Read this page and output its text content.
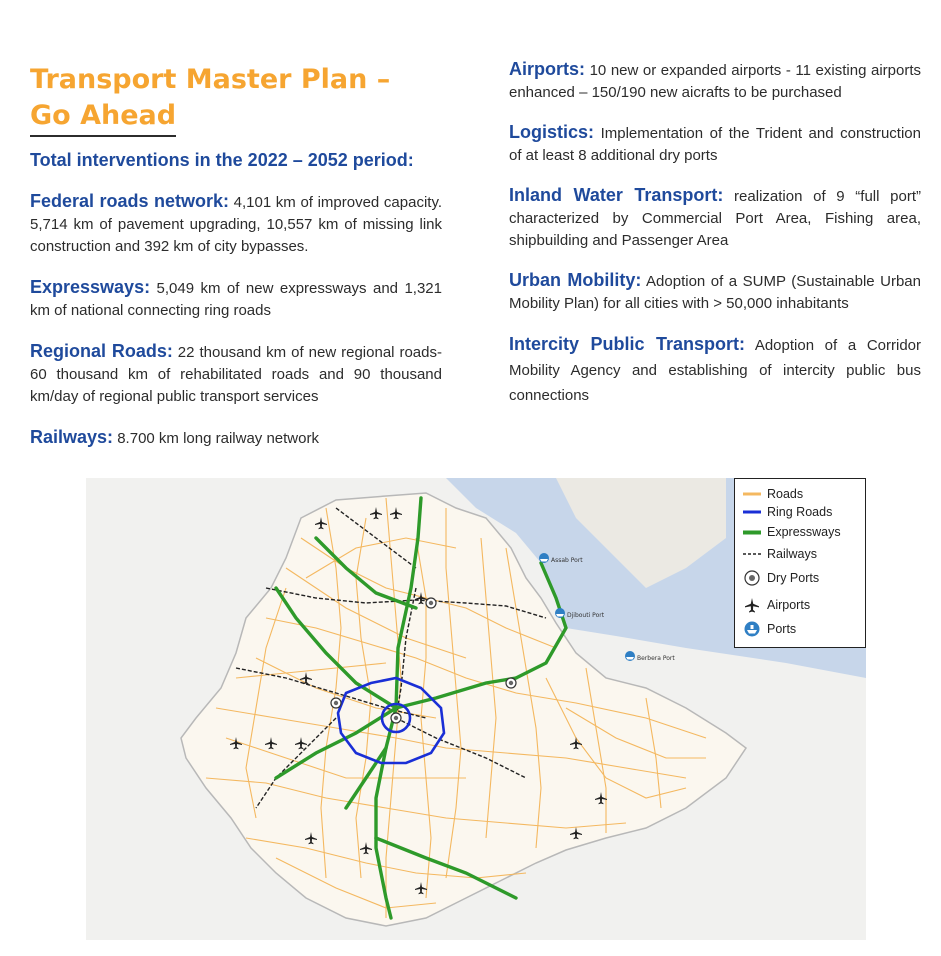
Transport Master Plan –
Go Ahead

Total interventions in the 2022 – 2052 period:

Federal roads network: 4,101 km of improved capacity. 5,714 km of pavement upgrading, 10,557 km of missing link construction and 392 km of city bypasses.

Expressways: 5,049 km of new expressways and 1,321 km of national connecting ring roads

Regional Roads: 22 thousand km of new regional roads- 60 thousand km of rehabilitated roads and 90 thousand km/day of regional public transport services

Railways: 8.700 km long railway network

Airports: 10 new or expanded airports - 11 existing airports enhanced – 150/190 new aicrafts to be purchased

Logistics: Implementation of the Trident and construction of at least 8 additional dry ports

Inland Water Transport: realization of 9 “full port” characterized by Commercial Port Area, Fishing area, shipbuilding and Passenger Area

Urban Mobility: Adoption of a SUMP (Sustainable Urban Mobility Plan) for all cities with > 50,000 inhabitants

Intercity Public Transport: Adoption of a Corridor Mobility Agency and establishing of intercity public bus connections

Assab Port
Djibouti Port
Berbera Port
Roads
Ring Roads
Expressways
Railways
Dry Ports
Airports
Ports
